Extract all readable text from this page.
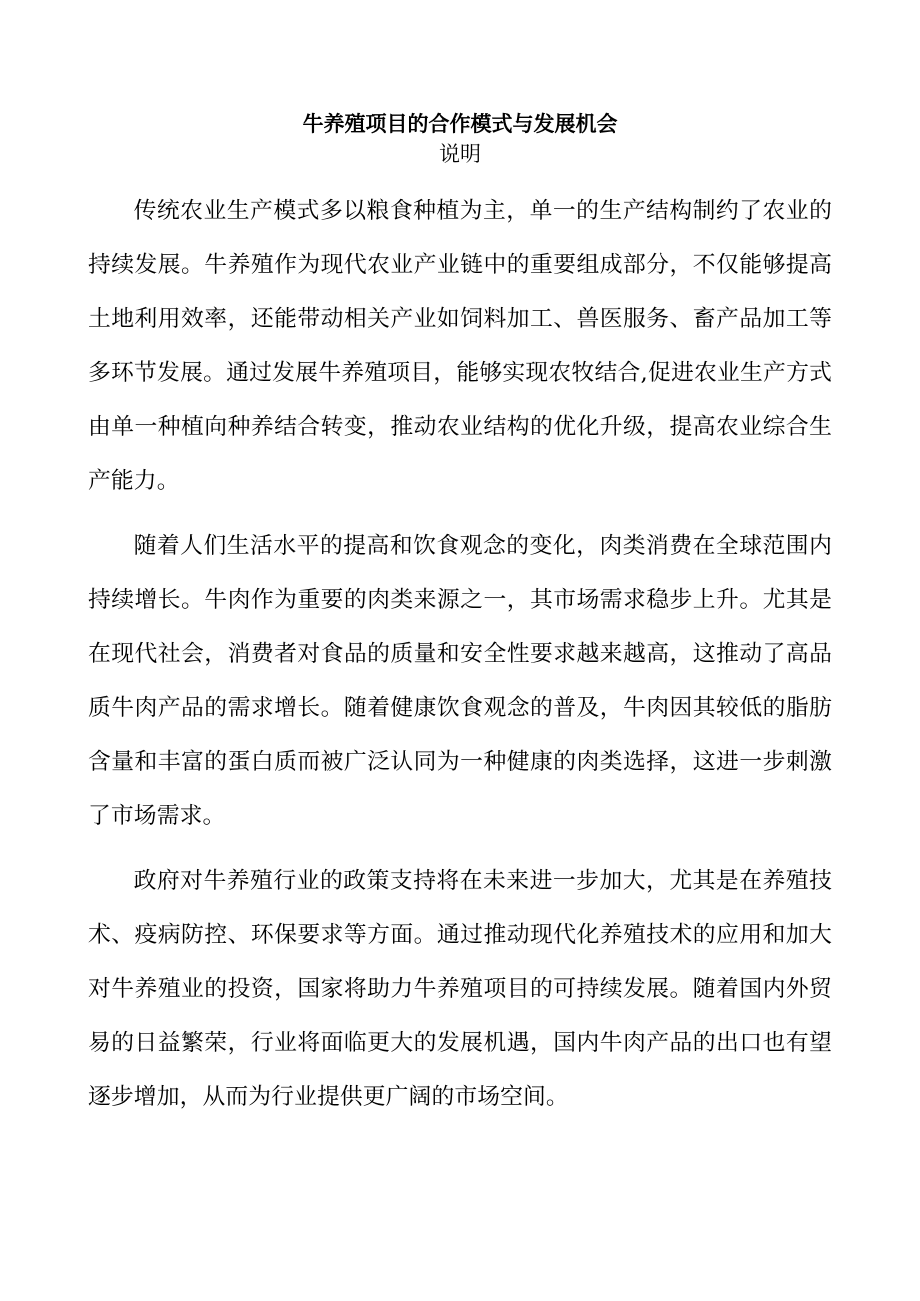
牛养殖项目的合作模式与发展机会
说明

传统农业生产模式多以粮食种植为主，单一的生产结构制约了农业的持续发展。牛养殖作为现代农业产业链中的重要组成部分，不仅能够提高土地利用效率，还能带动相关产业如饲料加工、兽医服务、畜产品加工等多环节发展。通过发展牛养殖项目，能够实现农牧结合,促进农业生产方式由单一种植向种养结合转变，推动农业结构的优化升级，提高农业综合生产能力。

随着人们生活水平的提高和饮食观念的变化，肉类消费在全球范围内持续增长。牛肉作为重要的肉类来源之一，其市场需求稳步上升。尤其是在现代社会，消费者对食品的质量和安全性要求越来越高，这推动了高品质牛肉产品的需求增长。随着健康饮食观念的普及，牛肉因其较低的脂肪含量和丰富的蛋白质而被广泛认同为一种健康的肉类选择，这进一步刺激了市场需求。

政府对牛养殖行业的政策支持将在未来进一步加大，尤其是在养殖技术、疫病防控、环保要求等方面。通过推动现代化养殖技术的应用和加大对牛养殖业的投资，国家将助力牛养殖项目的可持续发展。随着国内外贸易的日益繁荣，行业将面临更大的发展机遇，国内牛肉产品的出口也有望逐步增加，从而为行业提供更广阔的市场空间。
